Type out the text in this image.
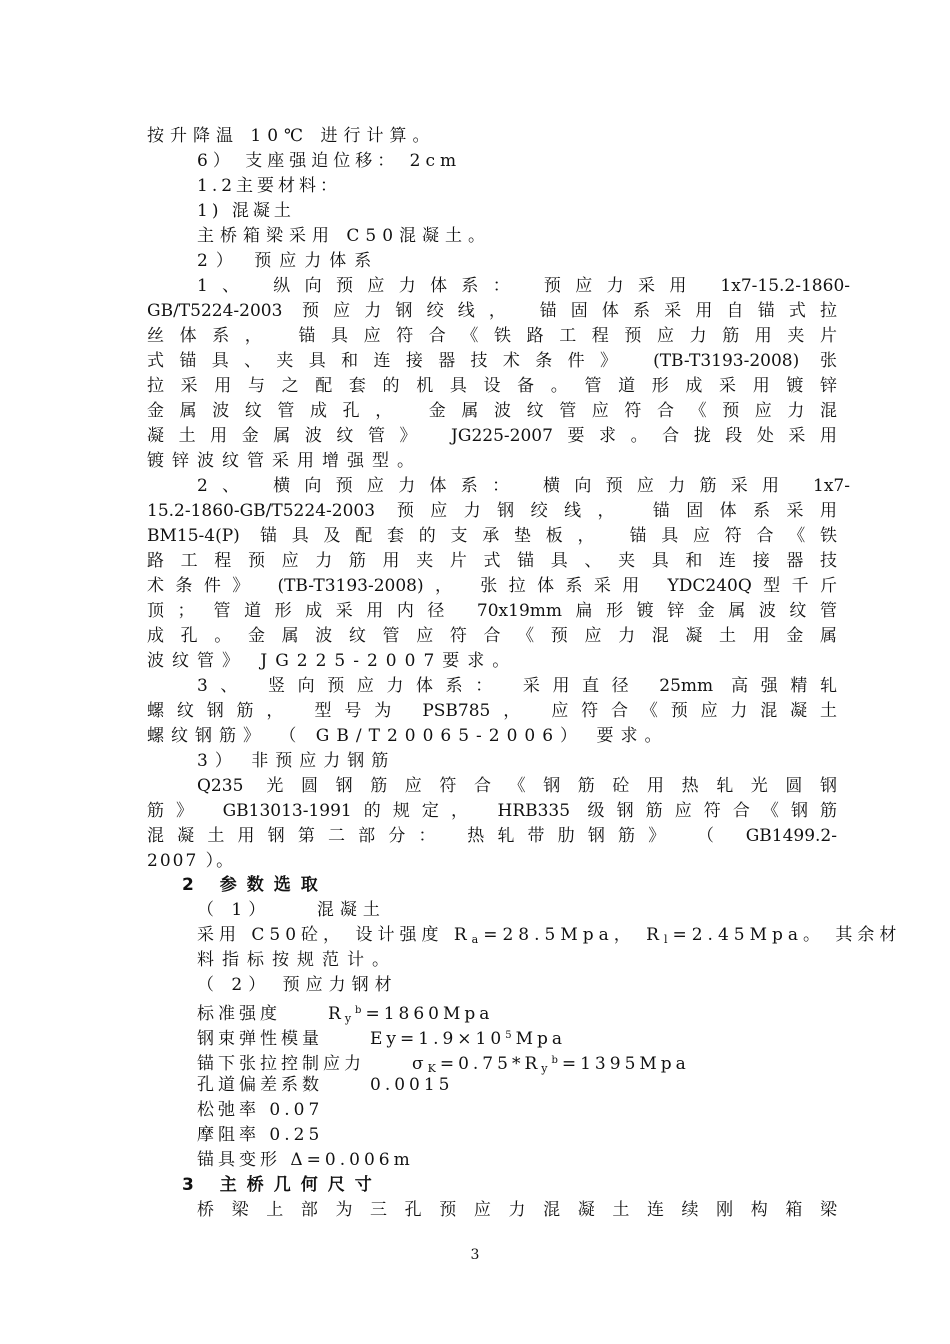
按升降温 10℃ 进行计算。
6） 支座强迫位移： 2cm
1.2主要材料：
1) 混凝土
主桥箱梁采用 C50混凝土。
2） 预应力体系
1、 纵向预应力体系： 预应力采用 1x7-15.2-1860-
GB/T5224-2003 预应力钢绞线， 锚固体系采用自锚式拉
丝体系， 锚具应符合《铁路工程预应力筋用夹片
式锚具、夹具和连接器技术条件》 (TB-T3193-2008) 张
拉采用与之配套的机具设备。管道形成采用镀锌
金属波纹管成孔， 金属波纹管应符合《预应力混
凝土用金属波纹管》 JG225-2007要求。合拢段处采用
镀锌波纹管采用增强型。
2、 横向预应力体系： 横向预应力筋采用 1x7-
15.2-1860-GB/T5224-2003 预应力钢绞线， 锚固体系采用
BM15-4(P) 锚具及配套的支承垫板， 锚具应符合《铁
路工程预应力筋用夹片式锚具、夹具和连接器技
术条件》 (TB-T3193-2008)， 张拉体系采用 YDC240Q型千斤
顶； 管道形成采用内径 70x19mm扁形镀锌金属波纹管
成孔。金属波纹管应符合《预应力混凝土用金属
波纹管》 JG225-2007要求。
3、 竖向预应力体系： 采用直径 25mm 高强精轧
螺纹钢筋， 型号为 PSB785， 应符合《预应力混凝土
螺纹钢筋》 （ GB/T20065-2006） 要求。
3） 非预应力钢筋
Q235 光圆钢筋应符合《钢筋砼用热轧光圆钢
筋》 GB13013-1991的规定， HRB335 级钢筋应符合《钢筋
混凝土用钢第二部分： 热轧带肋钢筋》 （ GB1499.2-
2007 ）。
2 参数选取
（ 1）    混凝土
采用 C50砼， 设计强度 $R_a=28.5Mpa$， $R_l=2.45Mpa$。 其余材
料指标按规范计。
（ 2） 预应力钢材
标准强度     $R_y^b=1860Mpa$
钢束弹性模量     $Ey=1.9\times 10^5Mpa$
锚下张拉控制应力     $\sigma_K=0.75*R_y^b=1395Mpa$
孔道偏差系数     0.0015
松弛率 0.07
摩阻率 0.25
锚具变形 Δ=0.006m
3 主桥几何尺寸
桥梁上部为三孔预应力混凝土连续刚构箱梁
3
